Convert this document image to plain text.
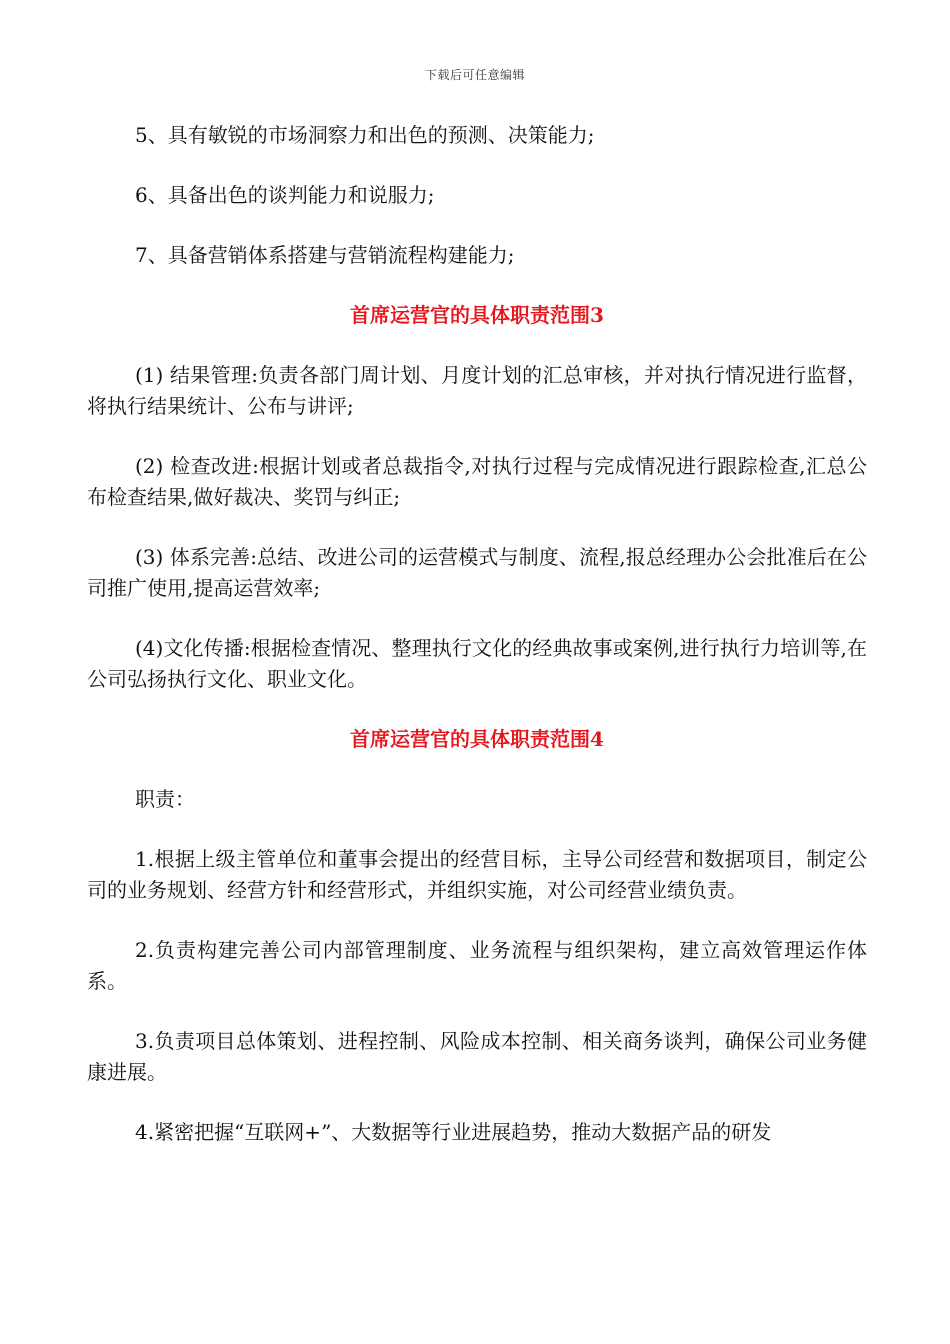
下载后可任意编辑

5、具有敏锐的市场洞察力和出色的预测、决策能力;

6、具备出色的谈判能力和说服力;

7、具备营销体系搭建与营销流程构建能力;

首席运营官的具体职责范围3

(1) 结果管理:负责各部门周计划、月度计划的汇总审核，并对执行情况进行监督，将执行结果统计、公布与讲评;

(2) 检查改进:根据计划或者总裁指令,对执行过程与完成情况进行跟踪检查,汇总公布检查结果,做好裁决、奖罚与纠正;

(3) 体系完善:总结、改进公司的运营模式与制度、流程,报总经理办公会批准后在公司推广使用,提高运营效率;

(4)文化传播:根据检查情况、整理执行文化的经典故事或案例,进行执行力培训等,在公司弘扬执行文化、职业文化。

首席运营官的具体职责范围4

职责：

1.根据上级主管单位和董事会提出的经营目标，主导公司经营和数据项目，制定公司的业务规划、经营方针和经营形式，并组织实施，对公司经营业绩负责。

2.负责构建完善公司内部管理制度、业务流程与组织架构，建立高效管理运作体系。

3.负责项目总体策划、进程控制、风险成本控制、相关商务谈判，确保公司业务健康进展。

4.紧密把握“互联网+”、大数据等行业进展趋势，推动大数据产品的研发
